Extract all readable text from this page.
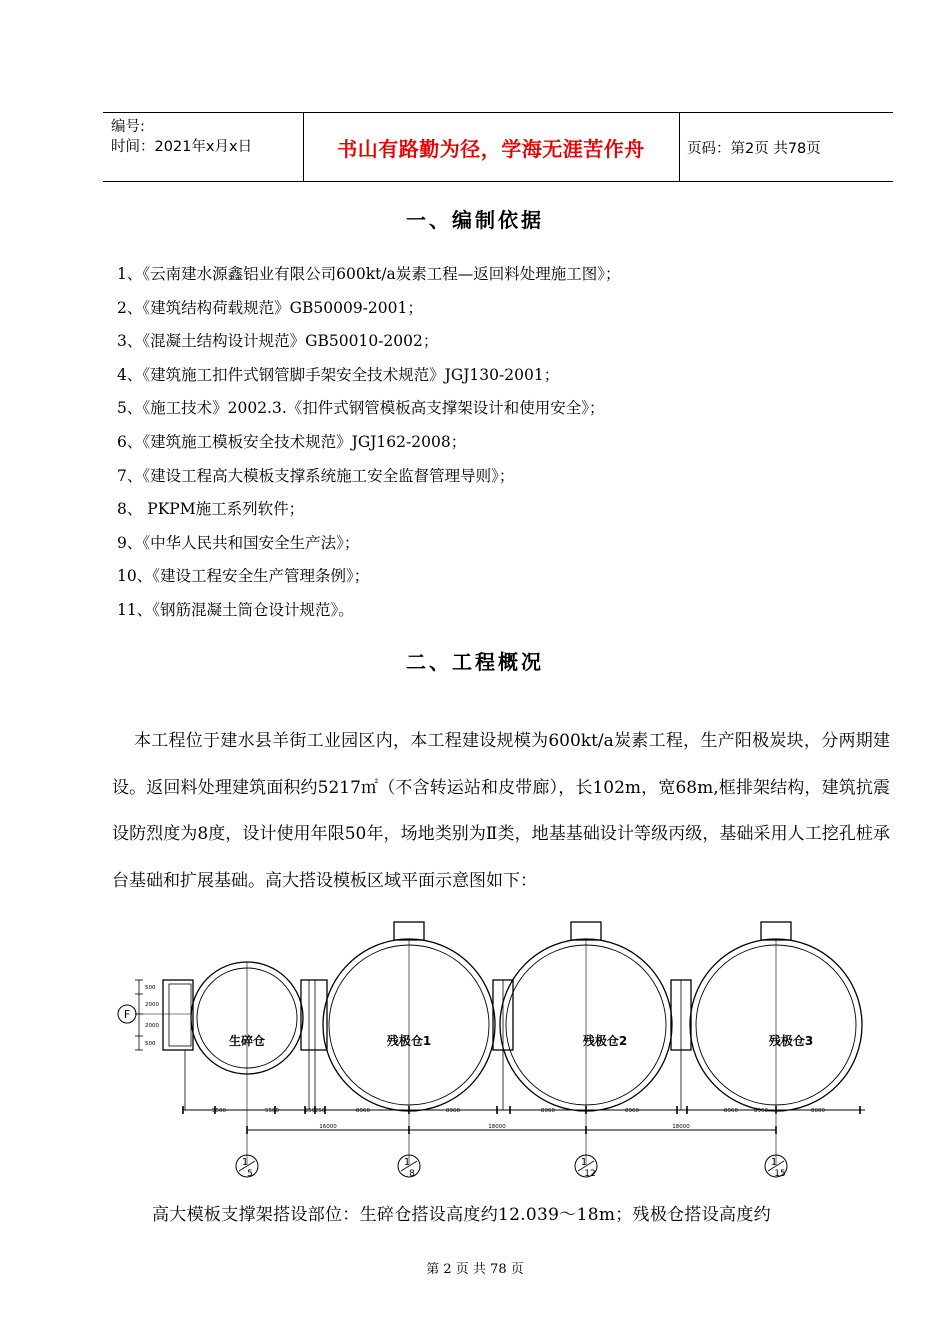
编号:
时间：2021年x月x日	书山有路勤为径，学海无涯苦作舟	页码：第2页 共78页
一、编制依据
1、《云南建水源鑫铝业有限公司600kt/a炭素工程—返回料处理施工图》；
2、《建筑结构荷载规范》GB50009-2001；
3、《混凝土结构设计规范》GB50010-2002；
4、《建筑施工扣件式钢管脚手架安全技术规范》JGJ130-2001；
5、《施工技术》2002.3.《扣件式钢管模板高支撑架设计和使用安全》；
6、《建筑施工模板安全技术规范》JGJ162-2008；
7、《建设工程高大模板支撑系统施工安全监督管理导则》；
8、 PKPM施工系列软件；
9、《中华人民共和国安全生产法》；
10、《建设工程安全生产管理条例》；
11、《钢筋混凝土筒仓设计规范》。
二、工程概况
本工程位于建水县羊街工业园区内，本工程建设规模为600kt/a炭素工程，生产阳极炭块，分两期建设。返回料处理建筑面积约5217㎡（不含转运站和皮带廊），长102m，宽68m,框排架结构，建筑抗震设防烈度为8度，设计使用年限50年，场地类别为Ⅱ类，地基基础设计等级丙级，基础采用人工挖孔桩承台基础和扩展基础。高大搭设模板区域平面示意图如下：
F
生碎仓	残极仓1	残极仓2	残极仓3
5500	5500	250 250	8960	8960	8960	8960	8960	8960	8000
16000	18000	18000
500
2000
2000
500
1
5
1
8
1
12
1
15
高大模板支撑架搭设部位：生碎仓搭设高度约12.039～18m；残极仓搭设高度约
第 2 页 共 78 页
